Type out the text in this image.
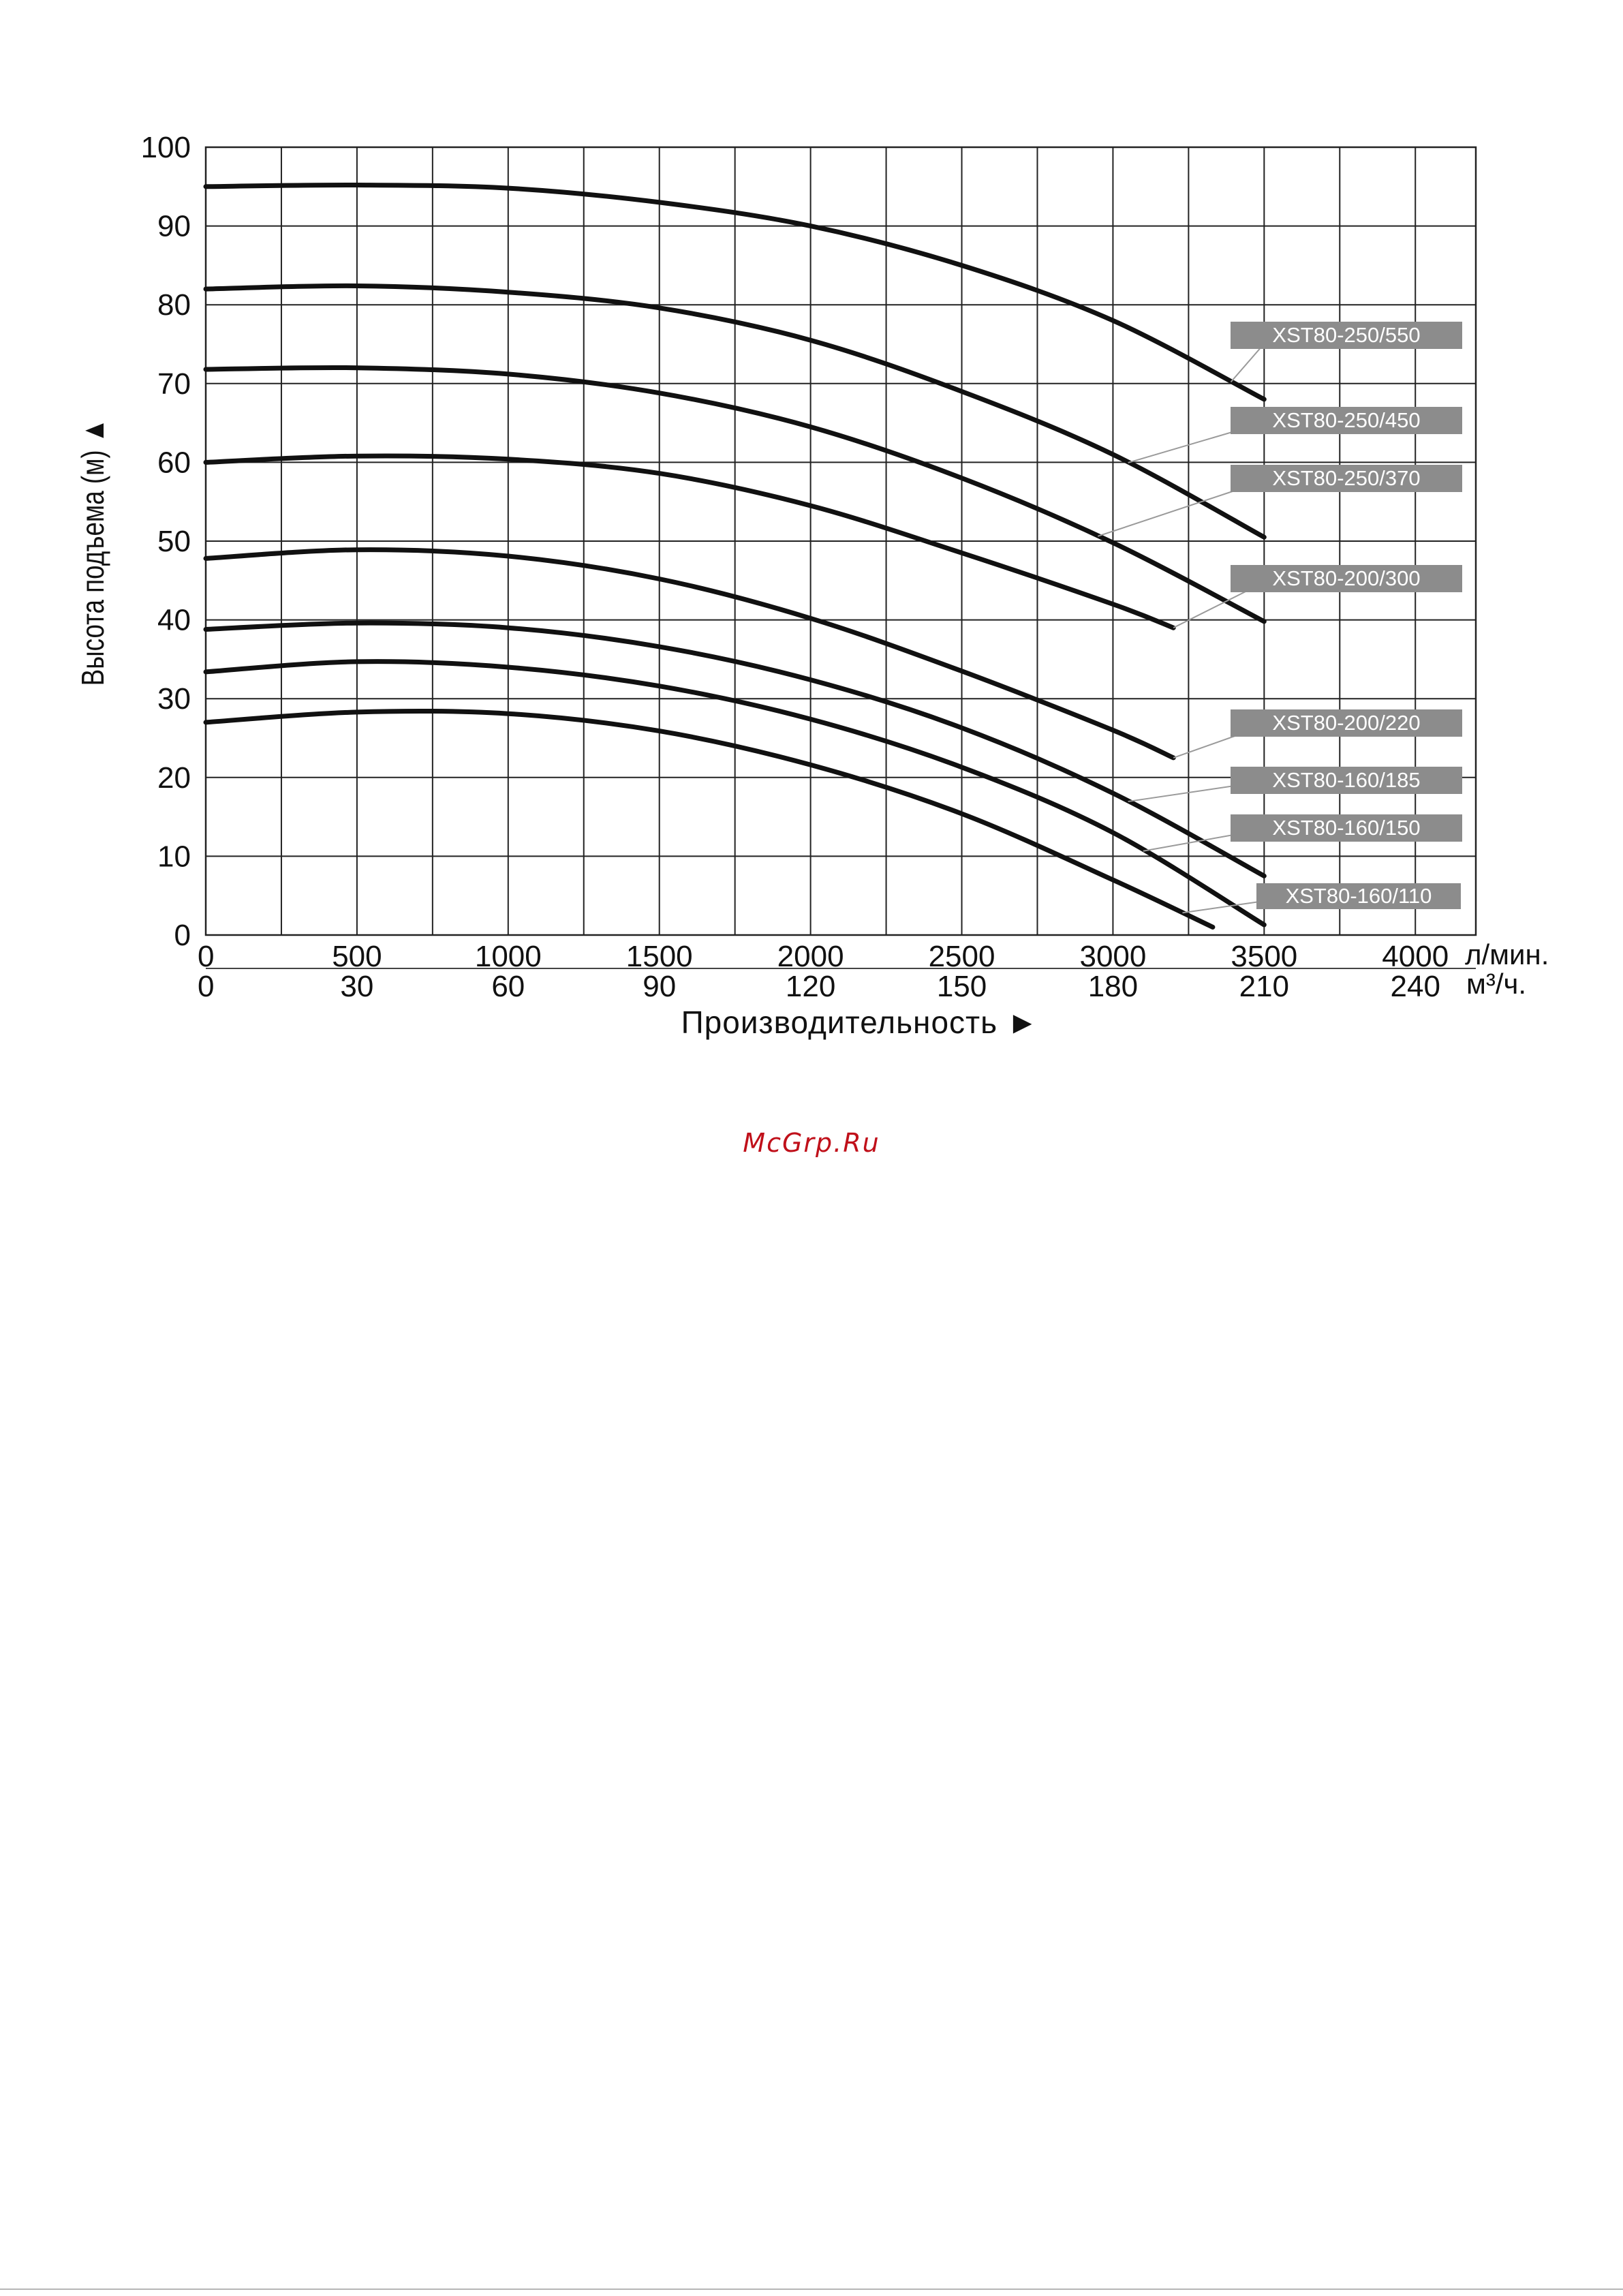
XST80-250/550
XST80-250/450
XST80-250/370
XST80-200/300
XST80-200/220
XST80-160/185
XST80-160/150
XST80-160/110
0
10
20
30
40
50
60
70
80
90
100
0	500	1000	1500	2000	2500	3000	3500	4000
0	30	60	90	120	150	180	210	240
л/мин.
м³/ч.
Производительность ►
Высота подъема (м) ▲
McGrp.Ru
